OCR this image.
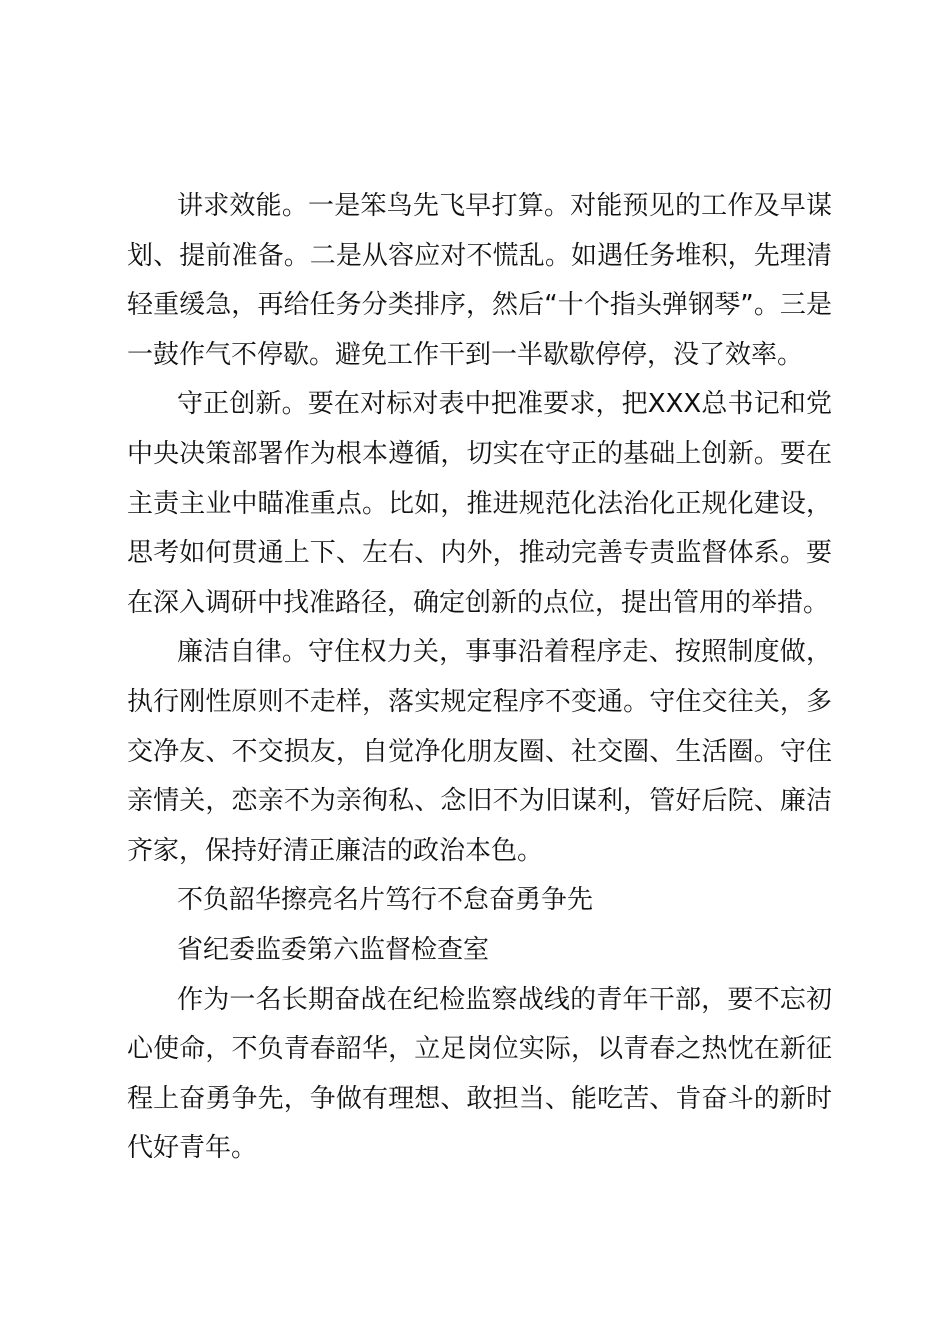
讲求效能。一是笨鸟先飞早打算。对能预见的工作及早谋划、提前准备。二是从容应对不慌乱。如遇任务堆积，先理清轻重缓急，再给任务分类排序，然后“十个指头弹钢琴”。三是一鼓作气不停歇。避免工作干到一半歇歇停停，没了效率。

守正创新。要在对标对表中把准要求，把XXX总书记和党中央决策部署作为根本遵循，切实在守正的基础上创新。要在主责主业中瞄准重点。比如，推进规范化法治化正规化建设，思考如何贯通上下、左右、内外，推动完善专责监督体系。要在深入调研中找准路径，确定创新的点位，提出管用的举措。

廉洁自律。守住权力关，事事沿着程序走、按照制度做，执行刚性原则不走样，落实规定程序不变通。守住交往关，多交净友、不交损友，自觉净化朋友圈、社交圈、生活圈。守住亲情关，恋亲不为亲徇私、念旧不为旧谋利，管好后院、廉洁齐家，保持好清正廉洁的政治本色。

不负韶华擦亮名片笃行不怠奋勇争先

省纪委监委第六监督检查室

作为一名长期奋战在纪检监察战线的青年干部，要不忘初心使命，不负青春韶华，立足岗位实际，以青春之热忱在新征程上奋勇争先，争做有理想、敢担当、能吃苦、肯奋斗的新时代好青年。
